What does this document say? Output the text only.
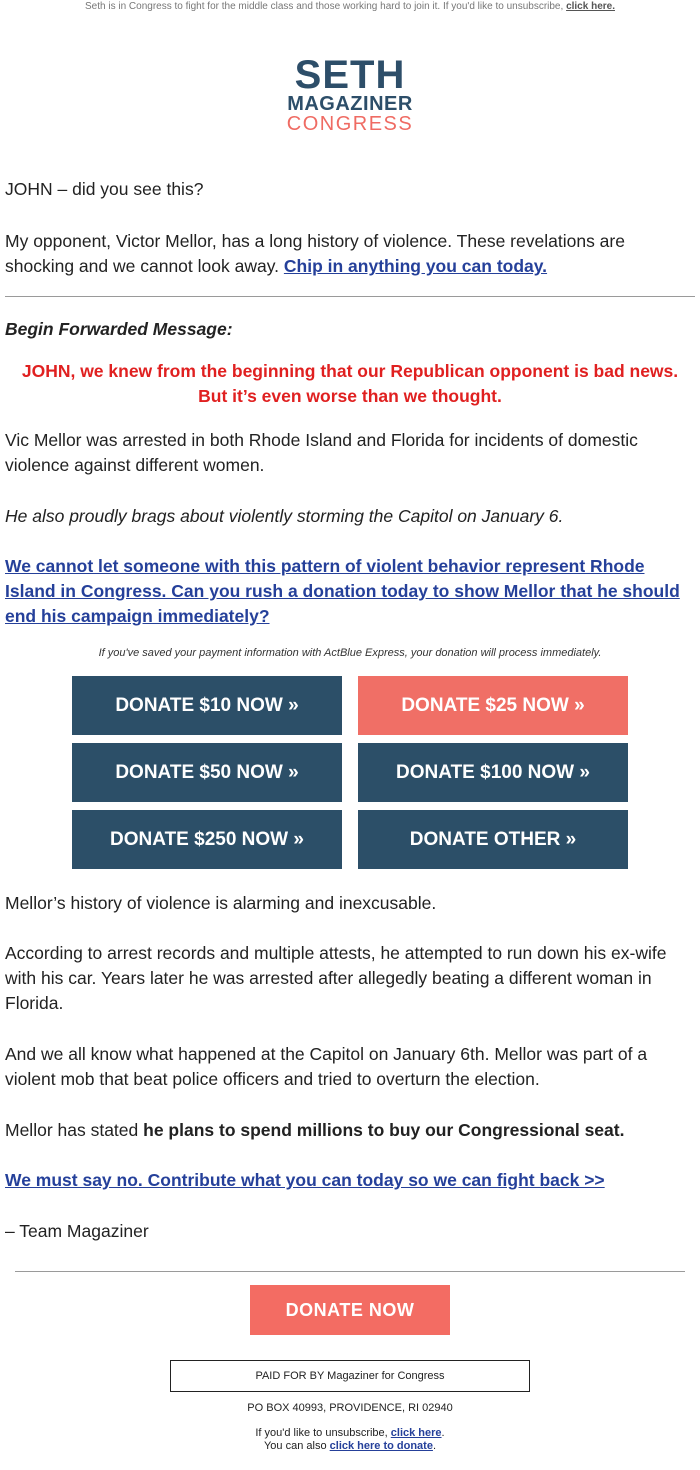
Seth is in Congress to fight for the middle class and those working hard to join it. If you'd like to unsubscribe, click here.
SETH
MAGAZINER
CONGRESS
JOHN – did you see this?
My opponent, Victor Mellor, has a long history of violence. These revelations are shocking and we cannot look away. Chip in anything you can today.
Begin Forwarded Message:
JOHN, we knew from the beginning that our Republican opponent is bad news. But it’s even worse than we thought.
Vic Mellor was arrested in both Rhode Island and Florida for incidents of domestic violence against different women.
He also proudly brags about violently storming the Capitol on January 6.
We cannot let someone with this pattern of violent behavior represent Rhode Island in Congress. Can you rush a donation today to show Mellor that he should end his campaign immediately?
If you've saved your payment information with ActBlue Express, your donation will process immediately.
DONATE $10 NOW »	DONATE $25 NOW »
DONATE $50 NOW »	DONATE $100 NOW »
DONATE $250 NOW »	DONATE OTHER »
Mellor’s history of violence is alarming and inexcusable.
According to arrest records and multiple attests, he attempted to run down his ex-wife with his car. Years later he was arrested after allegedly beating a different woman in Florida.
And we all know what happened at the Capitol on January 6th. Mellor was part of a violent mob that beat police officers and tried to overturn the election.
Mellor has stated he plans to spend millions to buy our Congressional seat.
We must say no. Contribute what you can today so we can fight back >>
– Team Magaziner
DONATE NOW
PAID FOR BY Magaziner for Congress
PO BOX 40993, PROVIDENCE, RI 02940
If you'd like to unsubscribe, click here.
You can also click here to donate.
